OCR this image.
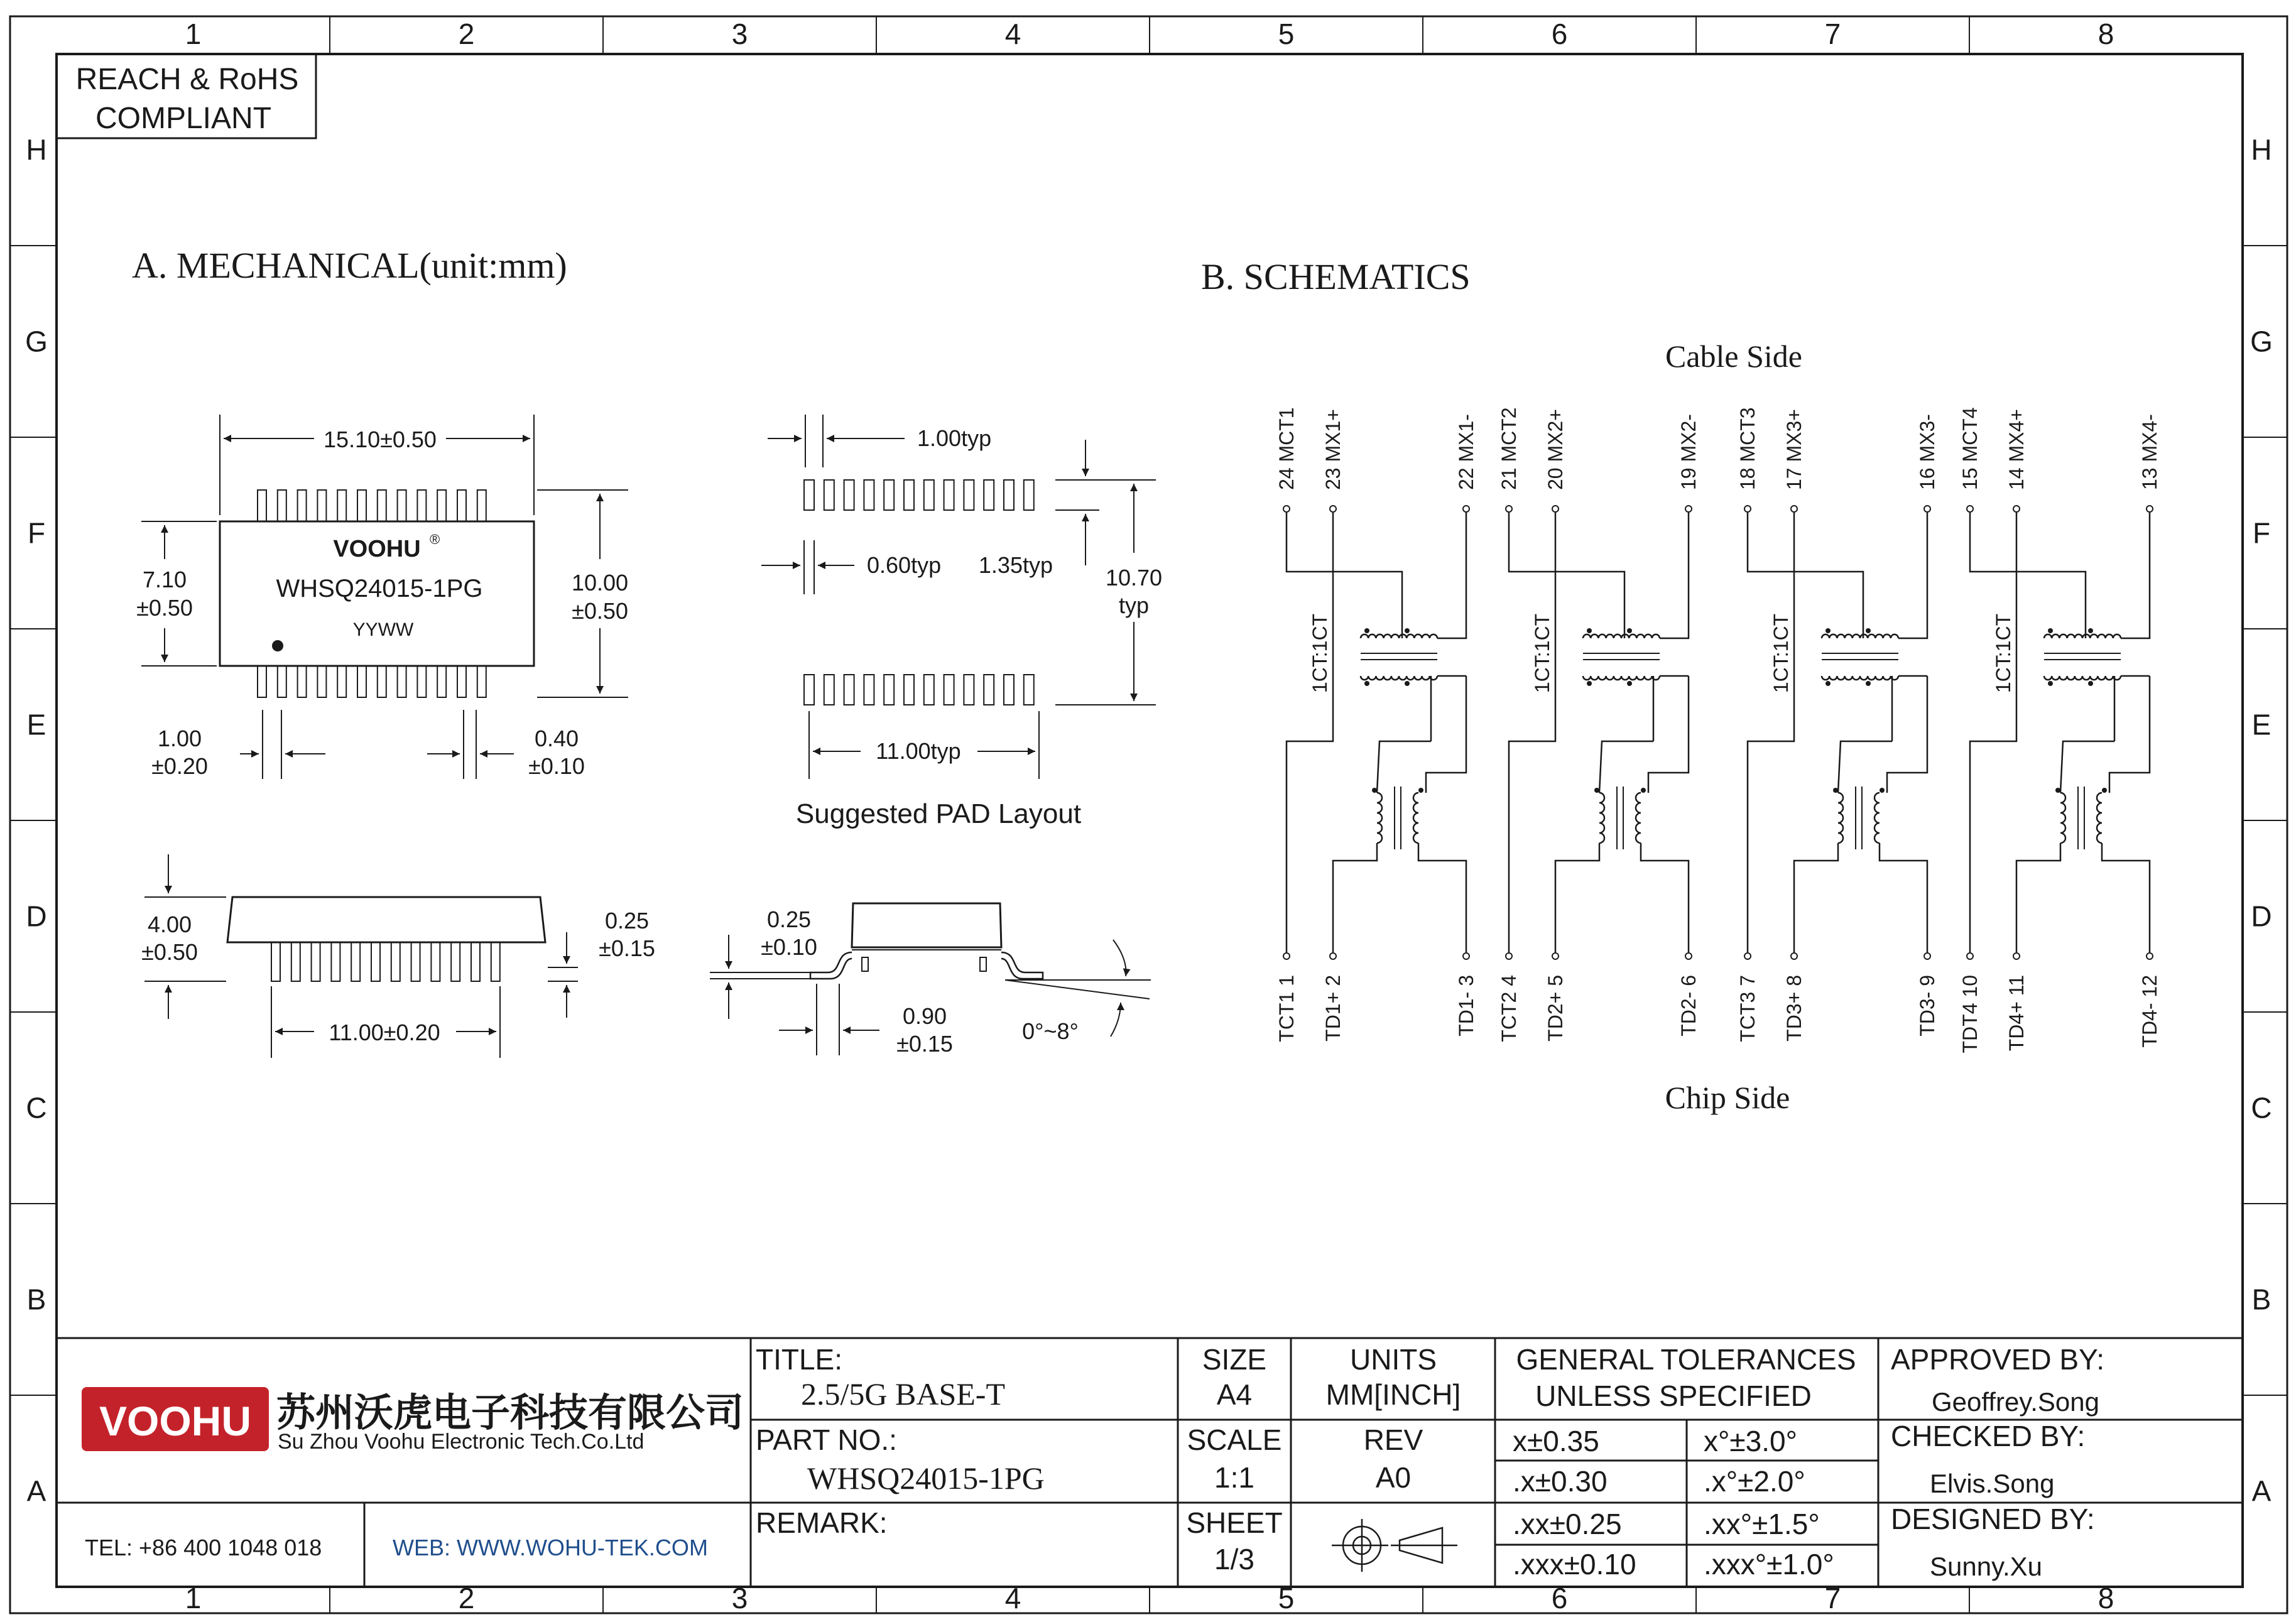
1
1
2
2
3
3
4
4
5
5
6
6
7
7
8
8
H	H
G	G
F	F
E	E
D	D
C	C
B	B
A	A
REACH & RoHS
COMPLIANT
A. MECHANICAL(unit:mm)
VOOHU ®
WHSQ24015-1PG
YYWW
15.10±0.50
7.10
±0.50
10.00
±0.50
1.00
±0.20
0.40
±0.10
4.00
±0.50
0.25
±0.15
11.00±0.20
0.25
±0.10
0.90
±0.15	0°~8°
1.00typ
0.60typ 1.35typ 10.70
typ
11.00typ
Suggested PAD Layout
B. SCHEMATICS
Cable Side
Chip Side
24 MCT1
TCT1 1
23 MX1+
TD1+ 2
22 MX1-
TD1- 3
1CT:1CT
21 MCT2
TCT2 4
20 MX2+
TD2+ 5
19 MX2-
TD2- 6
1CT:1CT
18 MCT3
TCT3 7
17 MX3+
TD3+ 8
16 MX3-
TD3- 9
1CT:1CT
15 MCT4
TDT4 10
14 MX4+
TD4+ 11
13 MX4-
TD4- 12
1CT:1CT
VOOHU 苏州沃虎电子科技有限公司
Su Zhou Voohu Electronic Tech.Co.Ltd
TEL: +86 400 1048 018	WEB: WWW.WOHU-TEK.COM
TITLE:
2.5/5G BASE-T
PART NO.:
WHSQ24015-1PG
REMARK:
SIZE
A4
SCALE
1:1
SHEET
1/3
UNITS
MM[INCH]
REV
A0
GENERAL TOLERANCES
UNLESS SPECIFIED
x±0.35	x°±3.0°
.x±0.30	.x°±2.0°
.xx±0.25	.xx°±1.5°
.xxx±0.10 .xxx°±1.0°
APPROVED BY:
Geoffrey.Song
CHECKED BY:
Elvis.Song
DESIGNED BY:
Sunny.Xu
